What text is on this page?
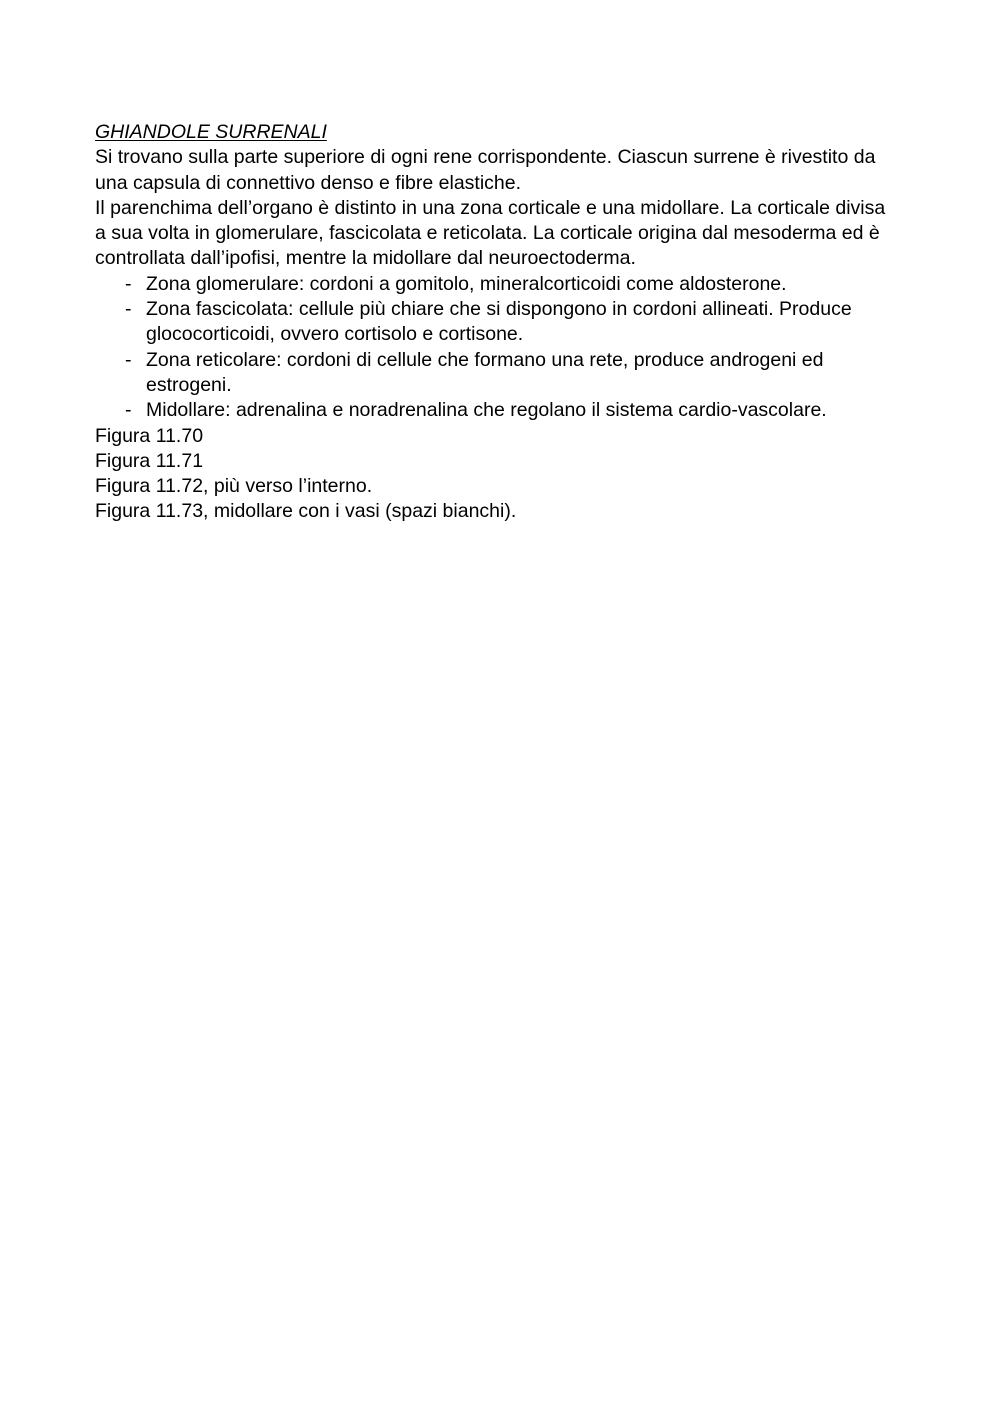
GHIANDOLE SURRENALI

Si trovano sulla parte superiore di ogni rene corrispondente. Ciascun surrene è rivestito da una capsula di connettivo denso e fibre elastiche.

Il parenchima dell’organo è distinto in una zona corticale e una midollare. La corticale divisa a sua volta in glomerulare, fascicolata e reticolata. La corticale origina dal mesoderma ed è controllata dall’ipofisi, mentre la midollare dal neuroectoderma.

- Zona glomerulare: cordoni a gomitolo, mineralcorticoidi come aldosterone.
- Zona fascicolata: cellule più chiare che si dispongono in cordoni allineati. Produce glococorticoidi, ovvero cortisolo e cortisone.
- Zona reticolare: cordoni di cellule che formano una rete, produce androgeni ed estrogeni.
- Midollare: adrenalina e noradrenalina che regolano il sistema cardio-vascolare.

Figura 11.70

Figura 11.71

Figura 11.72, più verso l’interno.

Figura 11.73, midollare con i vasi (spazi bianchi).
